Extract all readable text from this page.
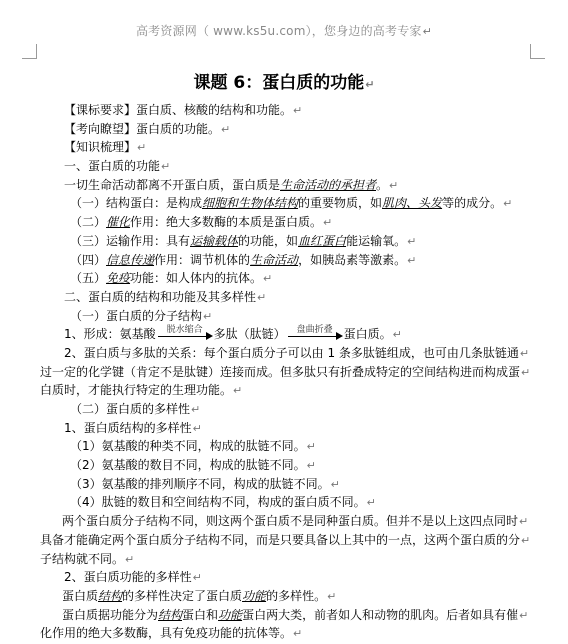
高考资源网（ www.ks5u.com），您身边的高考专家↵
课题 6：蛋白质的功能↵
【课标要求】蛋白质、核酸的结构和功能。↵
【考向瞭望】蛋白质的功能。↵
【知识梳理】↵
一、蛋白质的功能↵
一切生命活动都离不开蛋白质，蛋白质是生命活动的承担者。↵
（一）结构蛋白：是构成细胞和生物体结构的重要物质，如肌肉、头发等的成分。↵
（二）催化作用：绝大多数酶的本质是蛋白质。↵
（三）运输作用：具有运输载体的功能，如血红蛋白能运输氧。↵
（四）信息传递作用：调节机体的生命活动，如胰岛素等激素。↵
（五）免疫功能：如人体内的抗体。↵
二、蛋白质的结构和功能及其多样性↵
（一）蛋白质的分子结构↵
1、形成：氨基酸	脱水缩合 多肽（肽链）	盘曲折叠 蛋白质。↵
2、蛋白质与多肽的关系：每个蛋白质分子可以由 1 条多肽链组成，也可由几条肽链通↵
过一定的化学键（肯定不是肽键）连接而成。但多肽只有折叠成特定的空间结构进而构成蛋↵
白质时，才能执行特定的生理功能。↵
（二）蛋白质的多样性↵
1、蛋白质结构的多样性↵
（1）氨基酸的种类不同，构成的肽链不同。↵
（2）氨基酸的数目不同，构成的肽链不同。↵
（3）氨基酸的排列顺序不同，构成的肽链不同。↵
（4）肽链的数目和空间结构不同，构成的蛋白质不同。↵
两个蛋白质分子结构不同，则这两个蛋白质不是同种蛋白质。但并不是以上这四点同时↵
具备才能确定两个蛋白质分子结构不同，而是只要具备以上其中的一点，这两个蛋白质的分↵
子结构就不同。↵
2、蛋白质功能的多样性↵
蛋白质结构的多样性决定了蛋白质功能的多样性。↵
蛋白质据功能分为结构蛋白和功能蛋白两大类，前者如人和动物的肌肉。后者如具有催↵
化作用的绝大多数酶，具有免疫功能的抗体等。↵
